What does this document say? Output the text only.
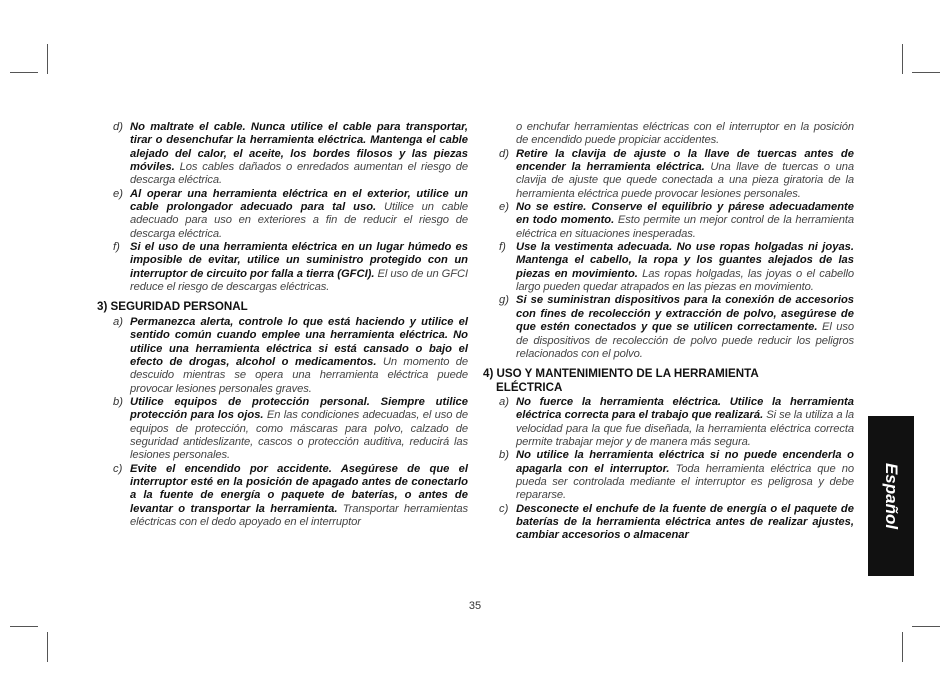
d) No maltrate el cable. Nunca utilice el cable para transportar, tirar o desenchufar la herramienta eléctrica. Mantenga el cable alejado del calor, el aceite, los bordes filosos y las piezas móviles. Los cables dañados o enredados aumentan el riesgo de descarga eléctrica.
e) Al operar una herramienta eléctrica en el exterior, utilice un cable prolongador adecuado para tal uso. Utilice un cable adecuado para uso en exteriores a fin de reducir el riesgo de descarga eléctrica.
f) Si el uso de una herramienta eléctrica en un lugar húmedo es imposible de evitar, utilice un suministro protegido con un interruptor de circuito por falla a tierra (GFCI). El uso de un GFCI reduce el riesgo de descargas eléctricas.
3) SEGURIDAD PERSONAL
a) Permanezca alerta, controle lo que está haciendo y utilice el sentido común cuando emplee una herramienta eléctrica. No utilice una herramienta eléctrica si está cansado o bajo el efecto de drogas, alcohol o medicamentos. Un momento de descuido mientras se opera una herramienta eléctrica puede provocar lesiones personales graves.
b) Utilice equipos de protección personal. Siempre utilice protección para los ojos. En las condiciones adecuadas, el uso de equipos de protección, como máscaras para polvo, calzado de seguridad antideslizante, cascos o protección auditiva, reducirá las lesiones personales.
c) Evite el encendido por accidente. Asegúrese de que el interruptor esté en la posición de apagado antes de conectarlo a la fuente de energía o paquete de baterías, o antes de levantar o transportar la herramienta. Transportar herramientas eléctricas con el dedo apoyado en el interruptor
o enchufar herramientas eléctricas con el interruptor en la posición de encendido puede propiciar accidentes.
d) Retire la clavija de ajuste o la llave de tuercas antes de encender la herramienta eléctrica. Una llave de tuercas o una clavija de ajuste que quede conectada a una pieza giratoria de la herramienta eléctrica puede provocar lesiones personales.
e) No se estire. Conserve el equilibrio y párese adecuadamente en todo momento. Esto permite un mejor control de la herramienta eléctrica en situaciones inesperadas.
f) Use la vestimenta adecuada. No use ropas holgadas ni joyas. Mantenga el cabello, la ropa y los guantes alejados de las piezas en movimiento. Las ropas holgadas, las joyas o el cabello largo pueden quedar atrapados en las piezas en movimiento.
g) Si se suministran dispositivos para la conexión de accesorios con fines de recolección y extracción de polvo, asegúrese de que estén conectados y que se utilicen correctamente. El uso de dispositivos de recolección de polvo puede reducir los peligros relacionados con el polvo.
4) USO Y MANTENIMIENTO DE LA HERRAMIENTA
ELÉCTRICA
a) No fuerce la herramienta eléctrica. Utilice la herramienta eléctrica correcta para el trabajo que realizará. Si se la utiliza a la velocidad para la que fue diseñada, la herramienta eléctrica correcta permite trabajar mejor y de manera más segura.
b) No utilice la herramienta eléctrica si no puede encenderla o apagarla con el interruptor. Toda herramienta eléctrica que no pueda ser controlada mediante el interruptor es peligrosa y debe repararse.
c) Desconecte el enchufe de la fuente de energía o el paquete de baterías de la herramienta eléctrica antes de realizar ajustes, cambiar accesorios o almacenar
Español
35
